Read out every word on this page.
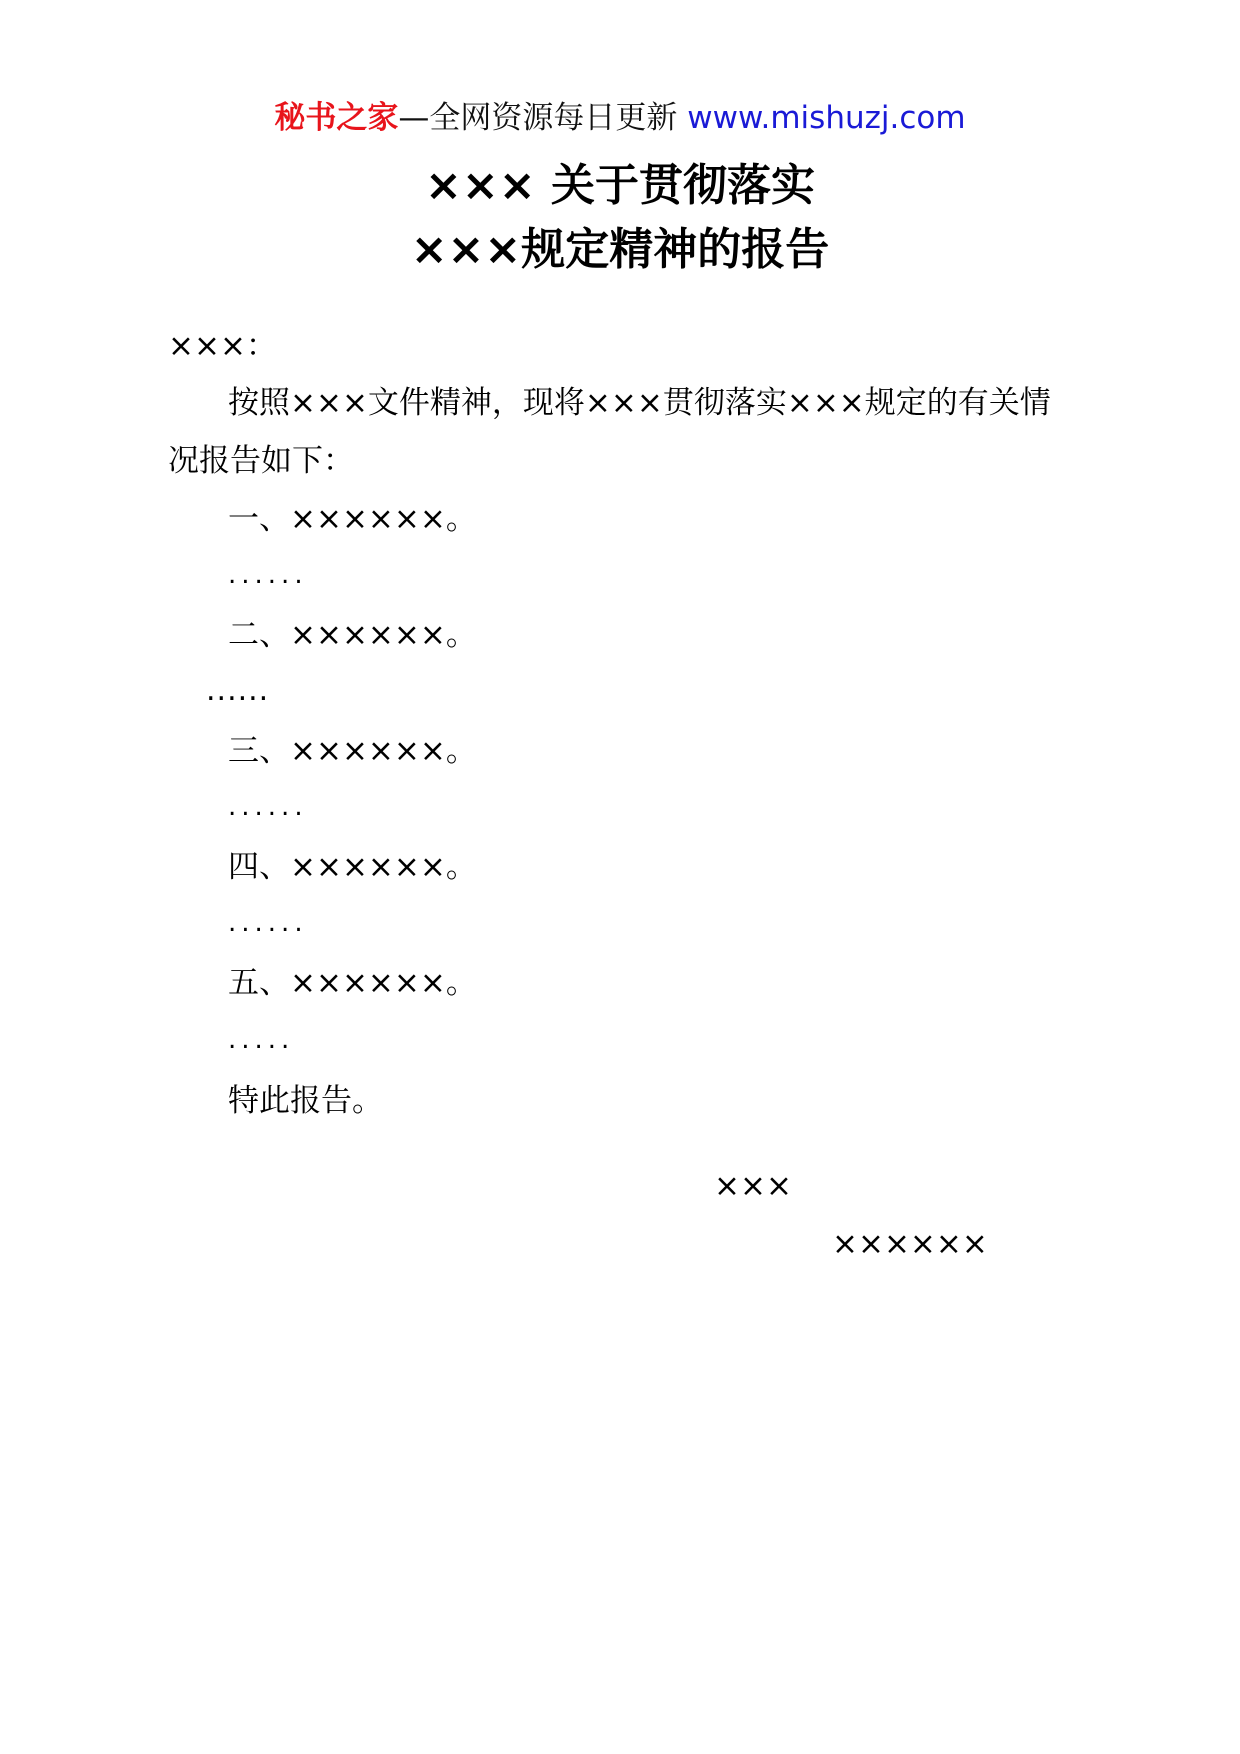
秘书之家—全网资源每日更新 www.mishuzj.com
××× 关于贯彻落实
×××规定精神的报告
×××：
按照×××文件精神，现将×××贯彻落实×××规定的有关情
况报告如下：
一、××××××。
......
二、××××××。
......
三、××××××。
......
四、××××××。
......
五、××××××。
.....
特此报告。
×××
××××××
